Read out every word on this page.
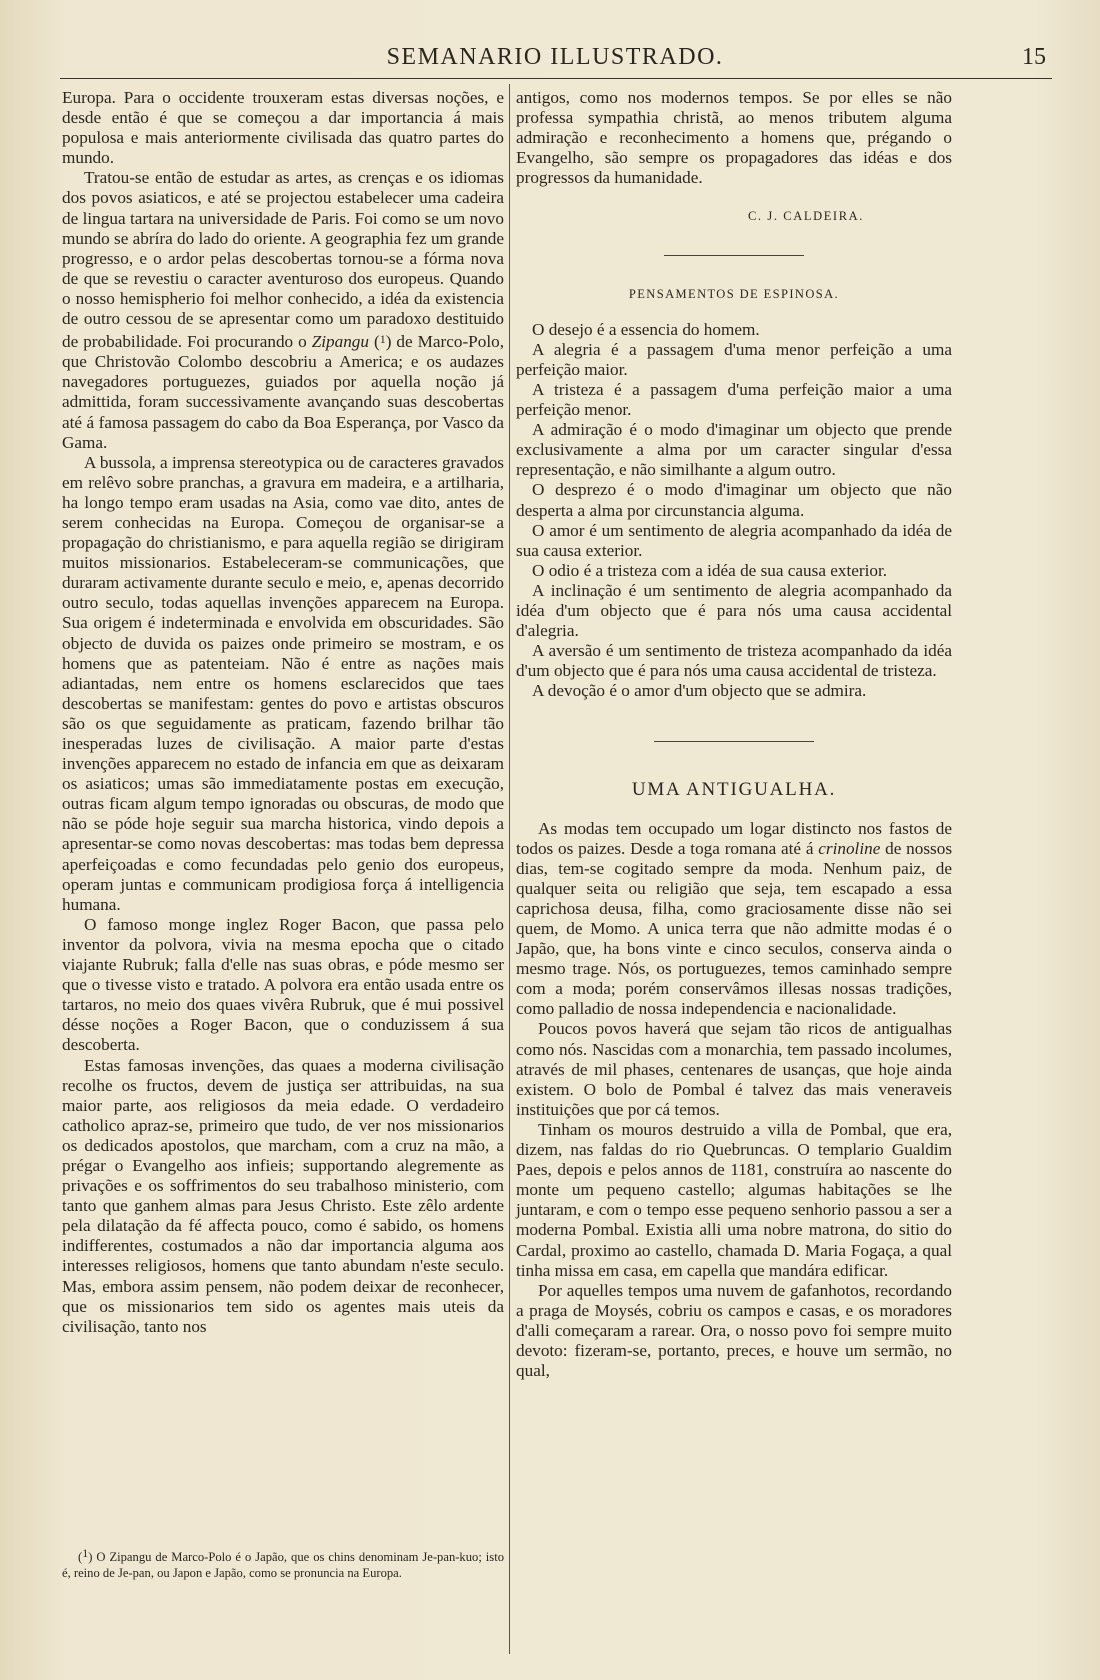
SEMANARIO ILLUSTRADO.	15

Europa. Para o occidente trouxeram estas diversas noções, e desde então é que se começou a dar importancia á mais populosa e mais anteriormente civilisada das quatro partes do mundo.

Tratou-se então de estudar as artes, as crenças e os idiomas dos povos asiaticos, e até se projectou estabelecer uma cadeira de lingua tartara na universidade de Paris. Foi como se um novo mundo se abríra do lado do oriente. A geographia fez um grande progresso, e o ardor pelas descobertas tornou-se a fórma nova de que se revestiu o caracter aventuroso dos europeus. Quando o nosso hemispherio foi melhor conhecido, a idéa da existencia de outro cessou de se apresentar como um paradoxo destituido de probabilidade. Foi procurando o Zipangu ($^1$) de Marco-Polo, que Christovão Colombo descobriu a America; e os audazes navegadores portuguezes, guiados por aquella noção já admittida, foram successivamente avançando suas descobertas até á famosa passagem do cabo da Boa Esperança, por Vasco da Gama.

A bussola, a imprensa stereotypica ou de caracteres gravados em relêvo sobre pranchas, a gravura em madeira, e a artilharia, ha longo tempo eram usadas na Asia, como vae dito, antes de serem conhecidas na Europa. Começou de organisar-se a propagação do christianismo, e para aquella região se dirigiram muitos missionarios. Estabeleceram-se communicações, que duraram activamente durante seculo e meio, e, apenas decorrido outro seculo, todas aquellas invenções apparecem na Europa. Sua origem é indeterminada e envolvida em obscuridades. São objecto de duvida os paizes onde primeiro se mostram, e os homens que as patenteiam. Não é entre as nações mais adiantadas, nem entre os homens esclarecidos que taes descobertas se manifestam: gentes do povo e artistas obscuros são os que seguidamente as praticam, fazendo brilhar tão inesperadas luzes de civilisação. A maior parte d'estas invenções apparecem no estado de infancia em que as deixaram os asiaticos; umas são immediatamente postas em execução, outras ficam algum tempo ignoradas ou obscuras, de modo que não se póde hoje seguir sua marcha historica, vindo depois a apresentar-se como novas descobertas: mas todas bem depressa aperfeiçoadas e como fecundadas pelo genio dos europeus, operam juntas e communicam prodigiosa força á intelligencia humana.

O famoso monge inglez Roger Bacon, que passa pelo inventor da polvora, vivia na mesma epocha que o citado viajante Rubruk; falla d'elle nas suas obras, e póde mesmo ser que o tivesse visto e tratado. A polvora era então usada entre os tartaros, no meio dos quaes vivêra Rubruk, que é mui possivel désse noções a Roger Bacon, que o conduzissem á sua descoberta.

Estas famosas invenções, das quaes a moderna civilisação recolhe os fructos, devem de justiça ser attribuidas, na sua maior parte, aos religiosos da meia edade. O verdadeiro catholico apraz-se, primeiro que tudo, de ver nos missionarios os dedicados apostolos, que marcham, com a cruz na mão, a prégar o Evangelho aos infieis; supportando alegremente as privações e os soffrimentos do seu trabalhoso ministerio, com tanto que ganhem almas para Jesus Christo. Este zêlo ardente pela dilatação da fé affecta pouco, como é sabido, os homens indifferentes, costumados a não dar importancia alguma aos interesses religiosos, homens que tanto abundam n'este seculo. Mas, embora assim pensem, não podem deixar de reconhecer, que os missionarios tem sido os agentes mais uteis da civilisação, tanto nos

($^1$) O Zipangu de Marco-Polo é o Japão, que os chins denominam Je-pan-kuo; isto é, reino de Je-pan, ou Japon e Japão, como se pronuncia na Europa.

antigos, como nos modernos tempos. Se por elles se não professa sympathia christã, ao menos tributem alguma admiração e reconhecimento a homens que, prégando o Evangelho, são sempre os propagadores das idéas e dos progressos da humanidade.

C. J. CALDEIRA.
PENSAMENTOS DE ESPINOSA.

O desejo é a essencia do homem.

A alegria é a passagem d'uma menor perfeição a uma perfeição maior.

A tristeza é a passagem d'uma perfeição maior a uma perfeição menor.

A admiração é o modo d'imaginar um objecto que prende exclusivamente a alma por um caracter singular d'essa representação, e não similhante a algum outro.

O desprezo é o modo d'imaginar um objecto que não desperta a alma por circunstancia alguma.

O amor é um sentimento de alegria acompanhado da idéa de sua causa exterior.

O odio é a tristeza com a idéa de sua causa exterior.

A inclinação é um sentimento de alegria acompanhado da idéa d'um objecto que é para nós uma causa accidental d'alegria.

A aversão é um sentimento de tristeza acompanhado da idéa d'um objecto que é para nós uma causa accidental de tristeza.

A devoção é o amor d'um objecto que se admira.

UMA ANTIGUALHA.

As modas tem occupado um logar distincto nos fastos de todos os paizes. Desde a toga romana até á crinoline de nossos dias, tem-se cogitado sempre da moda. Nenhum paiz, de qualquer seita ou religião que seja, tem escapado a essa caprichosa deusa, filha, como graciosamente disse não sei quem, de Momo. A unica terra que não admitte modas é o Japão, que, ha bons vinte e cinco seculos, conserva ainda o mesmo trage. Nós, os portuguezes, temos caminhado sempre com a moda; porém conservâmos illesas nossas tradições, como palladio de nossa independencia e nacionalidade.

Poucos povos haverá que sejam tão ricos de antigualhas como nós. Nascidas com a monarchia, tem passado incolumes, através de mil phases, centenares de usanças, que hoje ainda existem. O bolo de Pombal é talvez das mais veneraveis instituições que por cá temos.

Tinham os mouros destruido a villa de Pombal, que era, dizem, nas faldas do rio Quebruncas. O templario Gualdim Paes, depois e pelos annos de 1181, construíra ao nascente do monte um pequeno castello; algumas habitações se lhe juntaram, e com o tempo esse pequeno senhorio passou a ser a moderna Pombal. Existia alli uma nobre matrona, do sitio do Cardal, proximo ao castello, chamada D. Maria Fogaça, a qual tinha missa em casa, em capella que mandára edificar.

Por aquelles tempos uma nuvem de gafanhotos, recordando a praga de Moysés, cobriu os campos e casas, e os moradores d'alli começaram a rarear. Ora, o nosso povo foi sempre muito devoto: fizeram-se, portanto, preces, e houve um sermão, no qual,
